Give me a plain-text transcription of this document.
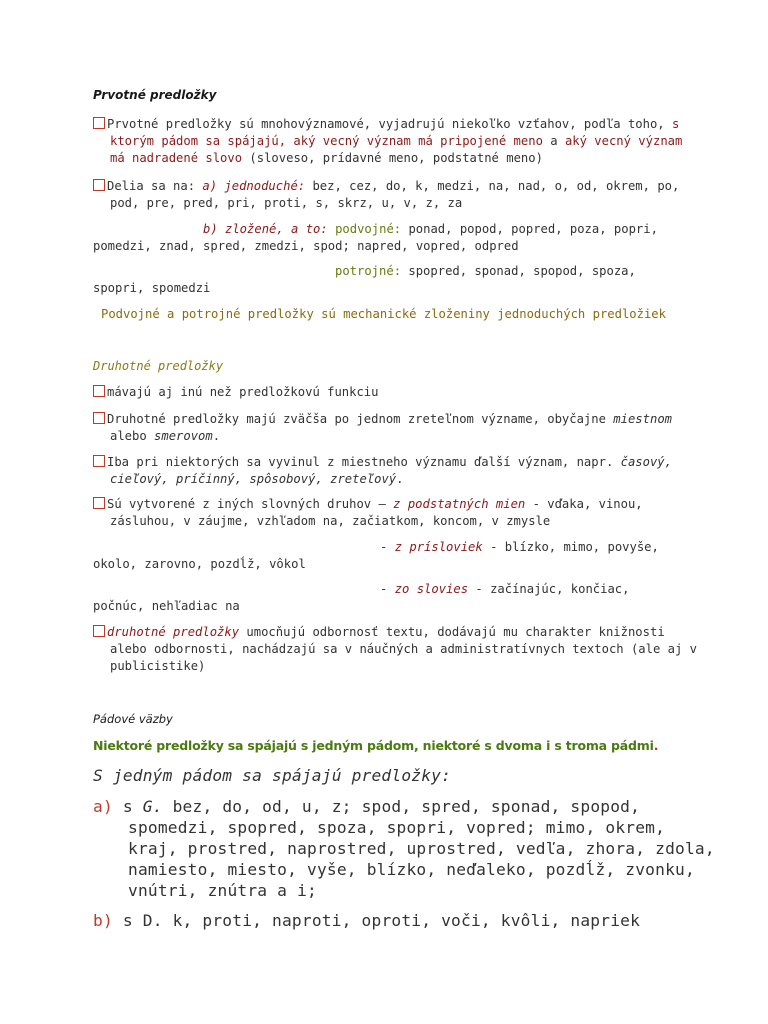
Prvotné predložky
Prvotné predložky sú mnohovýznamové, vyjadrujú niekoľko vzťahov, podľa toho, s ktorým pádom sa spájajú, aký vecný význam má pripojené meno a aký vecný význam má nadradené slovo (sloveso, prídavné meno, podstatné meno)
Delia sa na: a) jednoduché: bez, cez, do, k, medzi, na, nad, o, od, okrem, po, pod, pre, pred, pri, proti, s, skrz, u, v, z, za
b) zložené, a to: podvojné: ponad, popod, popred, poza, popri,
pomedzi, znad, spred, zmedzi, spod; napred, vopred, odpred
potrojné: spopred, sponad, spopod, spoza,
spopri, spomedzi
Podvojné a potrojné predložky sú mechanické zloženiny jednoduchých predložiek
Druhotné predložky
mávajú aj inú než predložkovú funkciu
Druhotné predložky majú zväčša po jednom zreteľnom význame, obyčajne miestnom alebo smerovom.
Iba pri niektorých sa vyvinul z miestneho významu ďalší význam, napr. časový, cieľový, príčinný, spôsobový, zreteľový.
Sú vytvorené z iných slovných druhov — z podstatných mien - vďaka, vinou, zásluhou, v záujme, vzhľadom na, začiatkom, koncom, v zmysle
- z prísloviek - blízko, mimo, povyše,
okolo, zarovno, pozdĺž, vôkol
- zo slovies - začínajúc, končiac,
počnúc, nehľadiac na
druhotné predložky umocňujú odbornosť textu, dodávajú mu charakter knižnosti alebo odbornosti, nachádzajú sa v náučných a administratívnych textoch (ale aj v publicistike)
Pádové väzby
Niektoré predložky sa spájajú s jedným pádom, niektoré s dvoma i s troma pádmi.
S jedným pádom sa spájajú predložky:
a) s G. bez, do, od, u, z; spod, spred, sponad, spopod, spomedzi, spopred, spoza, spopri, vopred; mimo, okrem, kraj, prostred, naprostred, uprostred, vedľa, zhora, zdola, namiesto, miesto, vyše, blízko, neďaleko, pozdĺž, zvonku, vnútri, znútra a i;
b) s D. k, proti, naproti, oproti, voči, kvôli, napriek
